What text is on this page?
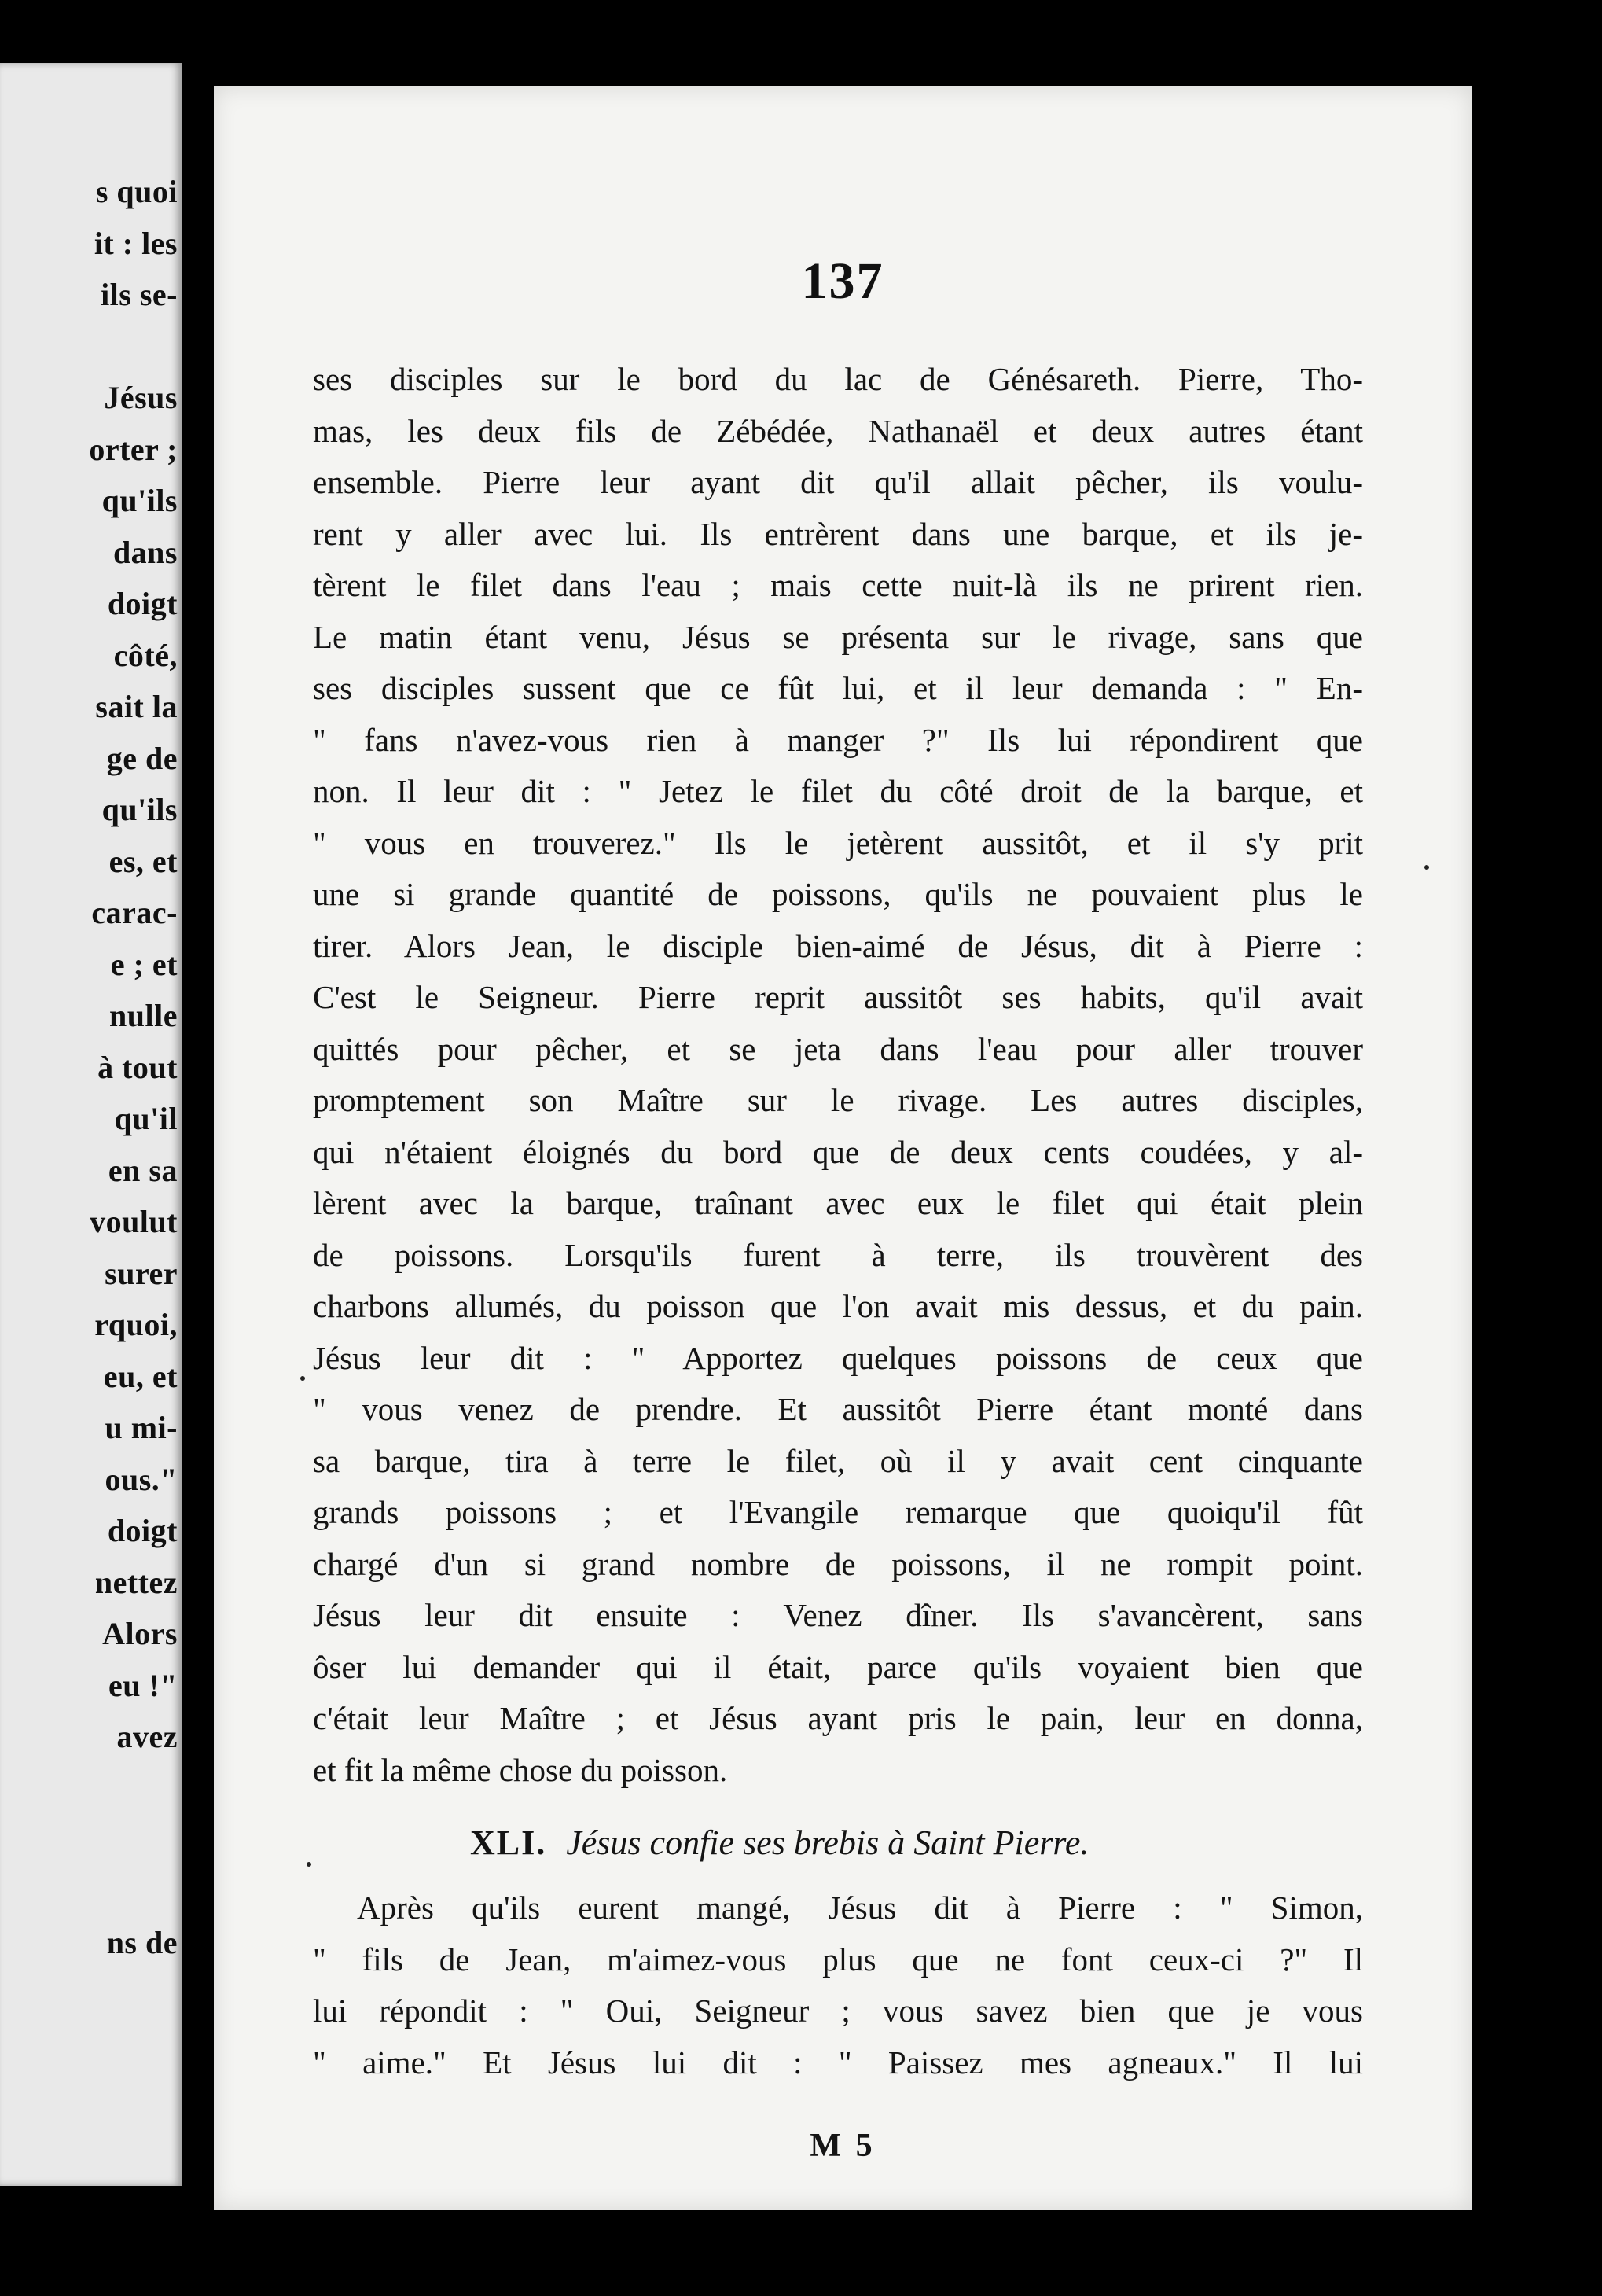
s quoi
it : les
ils se-
Jésus
orter ;
qu'ils
dans
doigt
côté,
sait la
ge de
qu'ils
es, et
carac-
e ; et
nulle
à tout
qu'il
en sa
voulut
surer
rquoi,
eu, et
u mi-
ous."
doigt
nettez
Alors
eu !"
avez
ns de
137
ses disciples sur le bord du lac de Génésareth. Pierre, Tho-
mas, les deux fils de Zébédée, Nathanaël et deux autres étant
ensemble. Pierre leur ayant dit qu'il allait pêcher, ils voulu-
rent y aller avec lui. Ils entrèrent dans une barque, et ils je-
tèrent le filet dans l'eau ; mais cette nuit-là ils ne prirent rien.
Le matin étant venu, Jésus se présenta sur le rivage, sans que
ses disciples sussent que ce fût lui, et il leur demanda : " En-
" fans n'avez-vous rien à manger ?" Ils lui répondirent que
non. Il leur dit : " Jetez le filet du côté droit de la barque, et
" vous en trouverez." Ils le jetèrent aussitôt, et il s'y prit
une si grande quantité de poissons, qu'ils ne pouvaient plus le
tirer. Alors Jean, le disciple bien-aimé de Jésus, dit à Pierre :
C'est le Seigneur. Pierre reprit aussitôt ses habits, qu'il avait
quittés pour pêcher, et se jeta dans l'eau pour aller trouver
promptement son Maître sur le rivage. Les autres disciples,
qui n'étaient éloignés du bord que de deux cents coudées, y al-
lèrent avec la barque, traînant avec eux le filet qui était plein
de poissons. Lorsqu'ils furent à terre, ils trouvèrent des
charbons allumés, du poisson que l'on avait mis dessus, et du pain.
Jésus leur dit : " Apportez quelques poissons de ceux que
" vous venez de prendre. Et aussitôt Pierre étant monté dans
sa barque, tira à terre le filet, où il y avait cent cinquante
grands poissons ; et l'Evangile remarque que quoiqu'il fût
chargé d'un si grand nombre de poissons, il ne rompit point.
Jésus leur dit ensuite : Venez dîner. Ils s'avancèrent, sans
ôser lui demander qui il était, parce qu'ils voyaient bien que
c'était leur Maître ; et Jésus ayant pris le pain, leur en donna,
et fit la même chose du poisson.
XLI. Jésus confie ses brebis à Saint Pierre.
Après qu'ils eurent mangé, Jésus dit à Pierre : " Simon,
" fils de Jean, m'aimez-vous plus que ne font ceux-ci ?" Il
lui répondit : " Oui, Seigneur ; vous savez bien que je vous
" aime." Et Jésus lui dit : " Paissez mes agneaux." Il lui
M 5
